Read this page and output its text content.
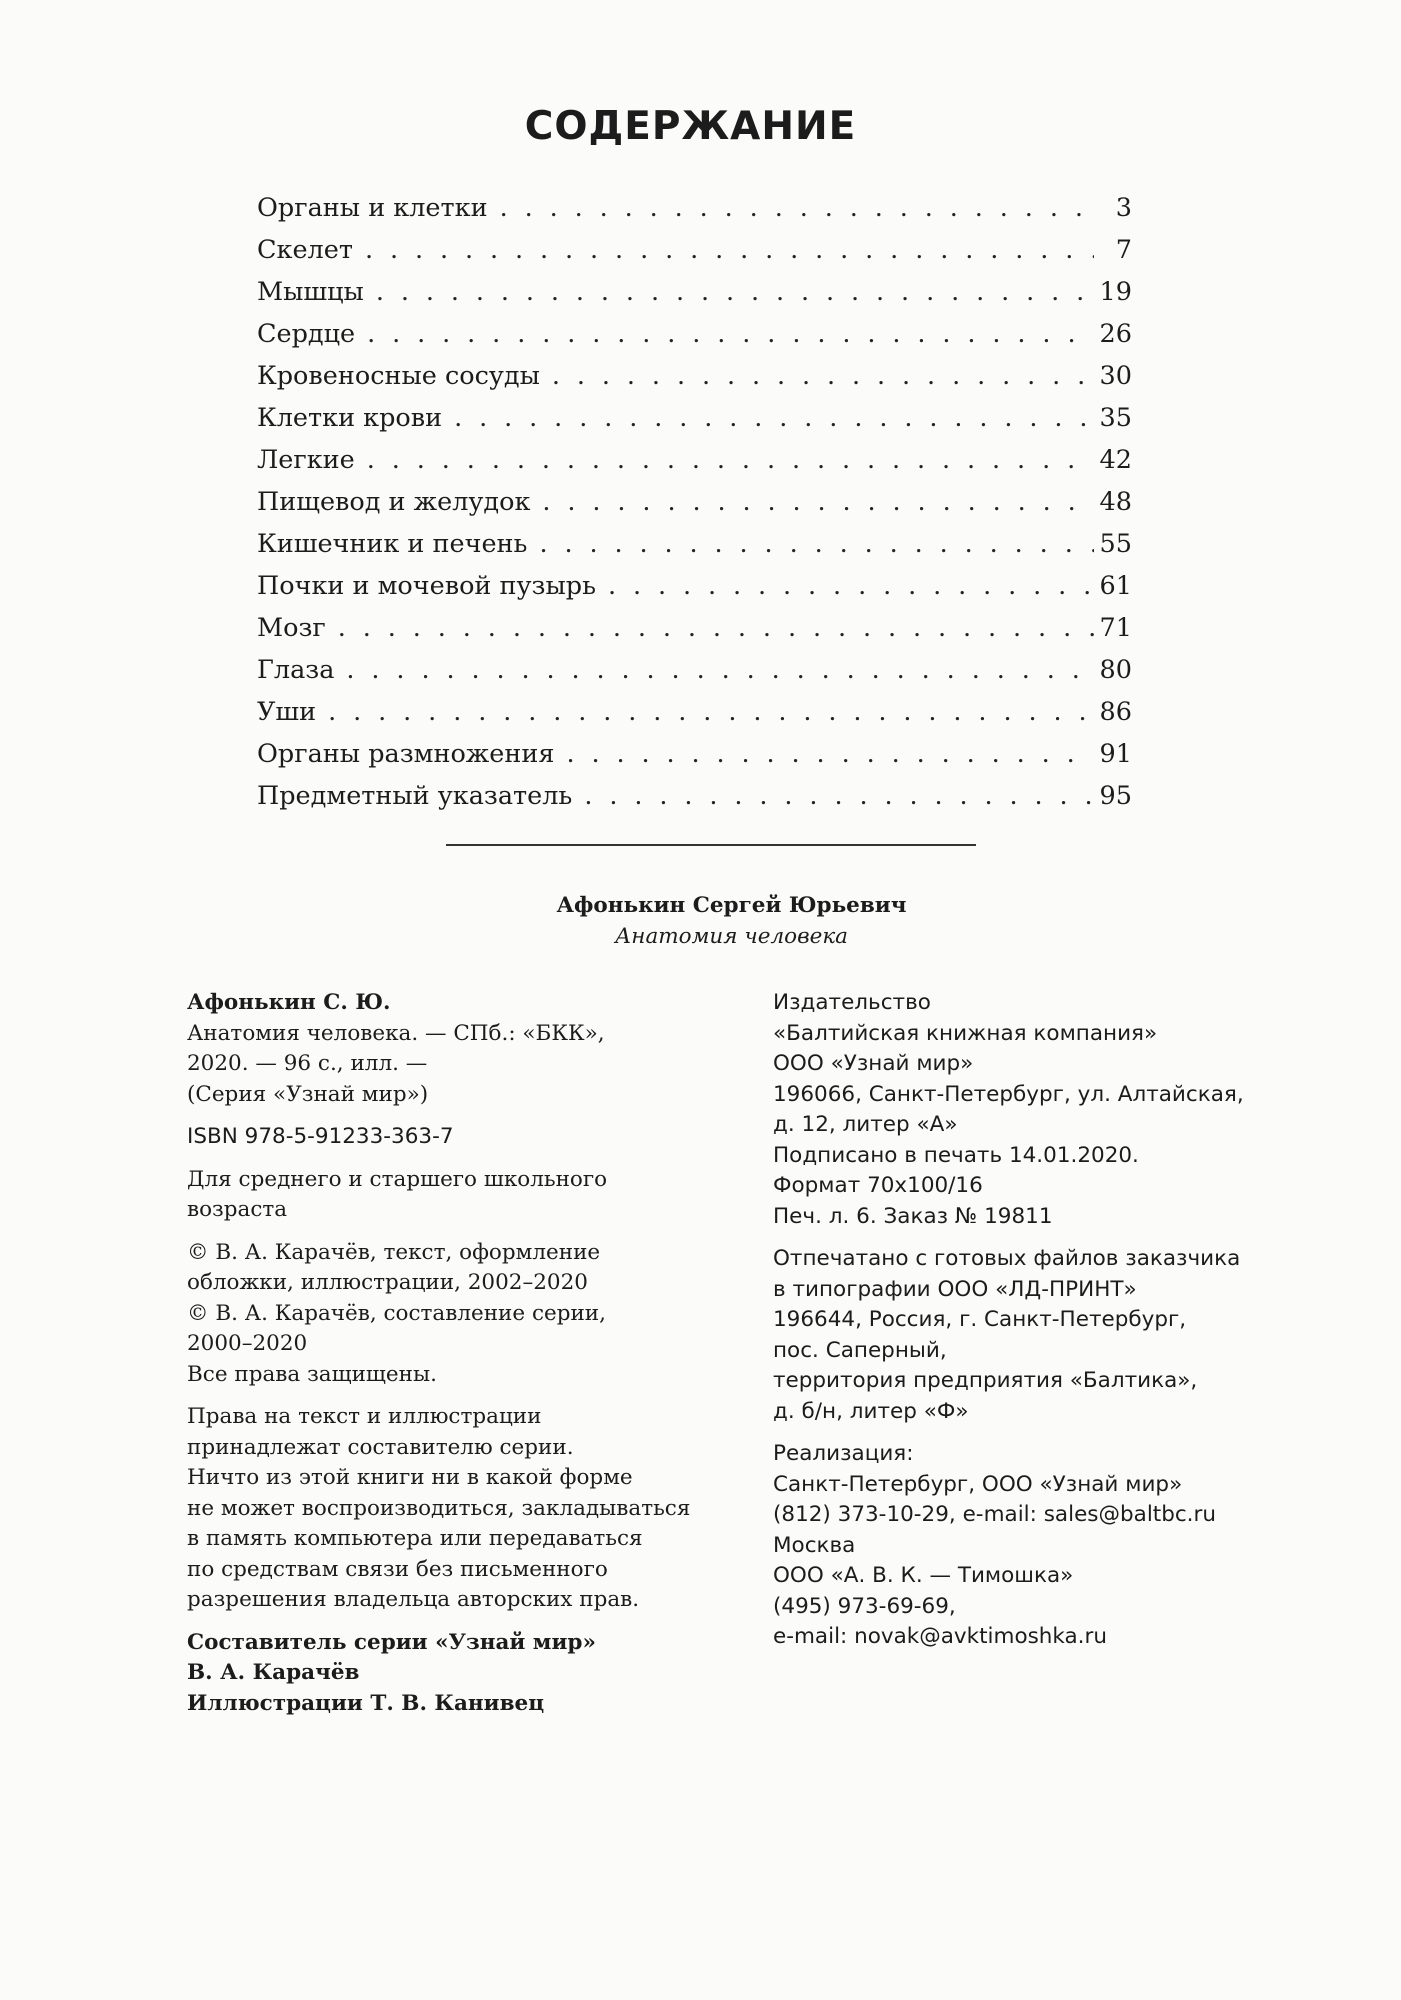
СОДЕРЖАНИЕ
Органы и клетки . . .	3
Скелет . . .	7
Мышцы . . .	19
Сердце . . .	26
Кровеносные сосуды . . .	30
Клетки крови . . .	35
Легкие . . .	42
Пищевод и желудок . . .	48
Кишечник и печень . . .	55
Почки и мочевой пузырь . . .	61
Мозг . . .	71
Глаза . . .	80
Уши . . .	86
Органы размножения . . .	91
Предметный указатель . . .	95
Афонькин Сергей Юрьевич
Анатомия человека
Афонькин С. Ю.
Анатомия человека. — СПб.: «БКК»,
2020. — 96 с., илл. —
(Серия «Узнай мир»)
ISBN 978-5-91233-363-7
Для среднего и старшего школьного
возраста
© В. А. Карачёв, текст, оформление
обложки, иллюстрации, 2002–2020
© В. А. Карачёв, составление серии,
2000–2020
Все права защищены.
Права на текст и иллюстрации
принадлежат составителю серии.
Ничто из этой книги ни в какой форме
не может воспроизводиться, закладываться
в память компьютера или передаваться
по средствам связи без письменного
разрешения владельца авторских прав.
Составитель серии «Узнай мир»
В. А. Карачёв
Иллюстрации Т. В. Канивец
Издательство
«Балтийская книжная компания»
ООО «Узнай мир»
196066, Санкт-Петербург, ул. Алтайская,
д. 12, литер «А»
Подписано в печать 14.01.2020.
Формат 70x100/16
Печ. л. 6. Заказ № 19811
Отпечатано с готовых файлов заказчика
в типографии ООО «ЛД-ПРИНТ»
196644, Россия, г. Санкт-Петербург,
пос. Саперный,
территория предприятия «Балтика»,
д. б/н, литер «Ф»
Реализация:
Санкт-Петербург, ООО «Узнай мир»
(812) 373-10-29, e-mail: sales@baltbc.ru
Москва
ООО «А. В. К. — Тимошка»
(495) 973-69-69,
e-mail: novak@avktimoshka.ru
